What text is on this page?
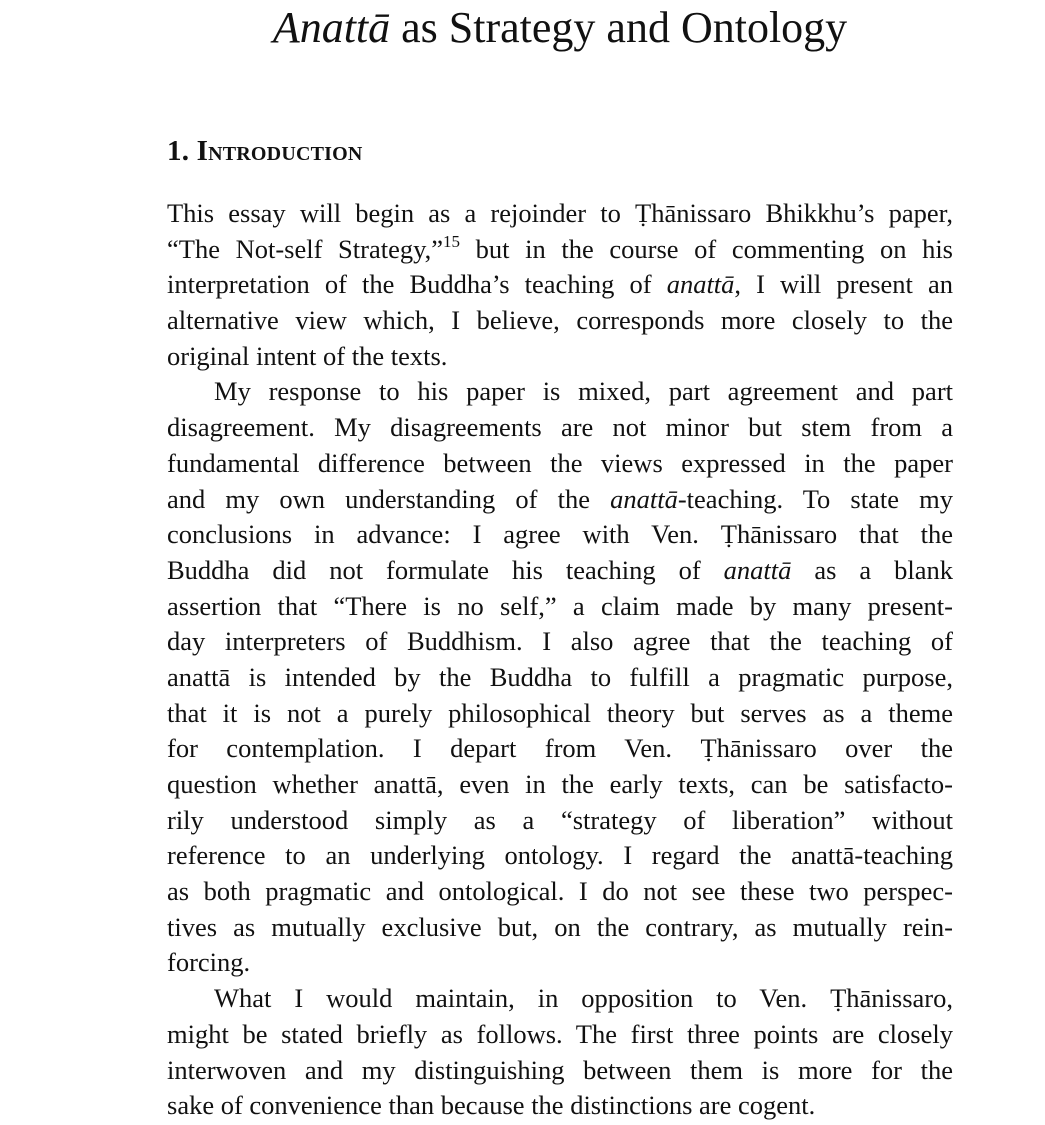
Anattā as Strategy and Ontology
1. Introduction
This essay will begin as a rejoinder to Ṭhānissaro Bhikkhu’s paper,
“The Not-self Strategy,”$^{15}$ but in the course of commenting on his
interpretation of the Buddha’s teaching of anattā, I will present an
alternative view which, I believe, corresponds more closely to the
original intent of the texts.
My response to his paper is mixed, part agreement and part
disagreement. My disagreements are not minor but stem from a
fundamental difference between the views expressed in the paper
and my own understanding of the anattā-teaching. To state my
conclusions in advance: I agree with Ven. Ṭhānissaro that the
Buddha did not formulate his teaching of anattā as a blank
assertion that “There is no self,” a claim made by many present-
day interpreters of Buddhism. I also agree that the teaching of
anattā is intended by the Buddha to fulfill a pragmatic purpose,
that it is not a purely philosophical theory but serves as a theme
for contemplation. I depart from Ven. Ṭhānissaro over the
question whether anattā, even in the early texts, can be satisfacto-
rily understood simply as a “strategy of liberation” without
reference to an underlying ontology. I regard the anattā-teaching
as both pragmatic and ontological. I do not see these two perspec-
tives as mutually exclusive but, on the contrary, as mutually rein-
forcing.
What I would maintain, in opposition to Ven. Ṭhānissaro,
might be stated briefly as follows. The first three points are closely
interwoven and my distinguishing between them is more for the
sake of convenience than because the distinctions are cogent.
